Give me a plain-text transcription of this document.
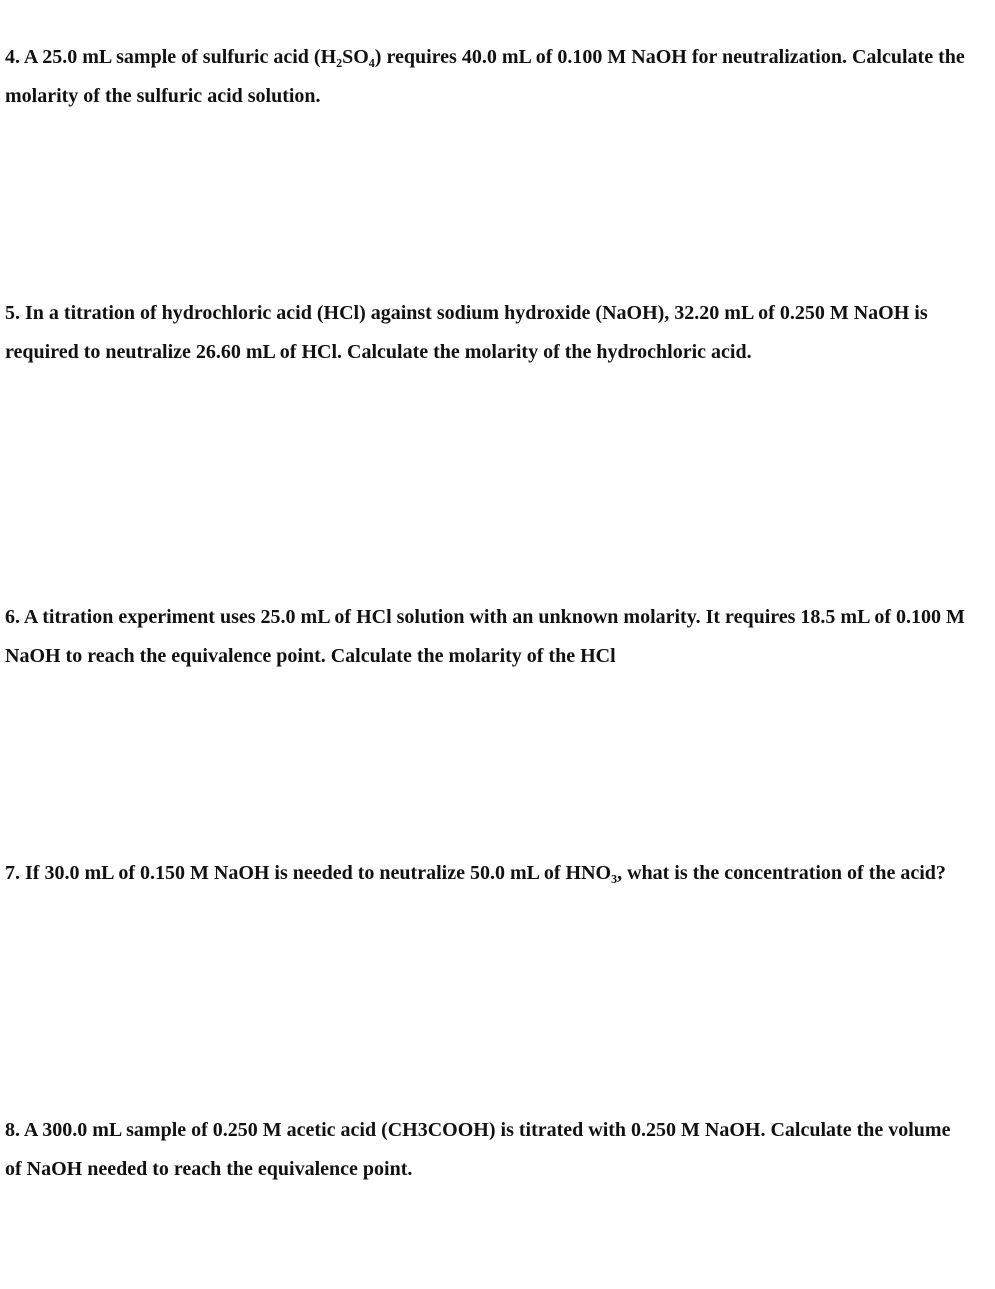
4. A 25.0 mL sample of sulfuric acid (H₂SO₄) requires 40.0 mL of 0.100 M NaOH for neutralization. Calculate the molarity of the sulfuric acid solution.

5. In a titration of hydrochloric acid (HCl) against sodium hydroxide (NaOH), 32.20 mL of 0.250 M NaOH is required to neutralize 26.60 mL of HCl. Calculate the molarity of the hydrochloric acid.

6. A titration experiment uses 25.0 mL of HCl solution with an unknown molarity. It requires 18.5 mL of 0.100 M NaOH to reach the equivalence point. Calculate the molarity of the HCl

7. If 30.0 mL of 0.150 M NaOH is needed to neutralize 50.0 mL of HNO₃, what is the concentration of the acid?

8. A 300.0 mL sample of 0.250 M acetic acid (CH3COOH) is titrated with 0.250 M NaOH. Calculate the volume of NaOH needed to reach the equivalence point.
